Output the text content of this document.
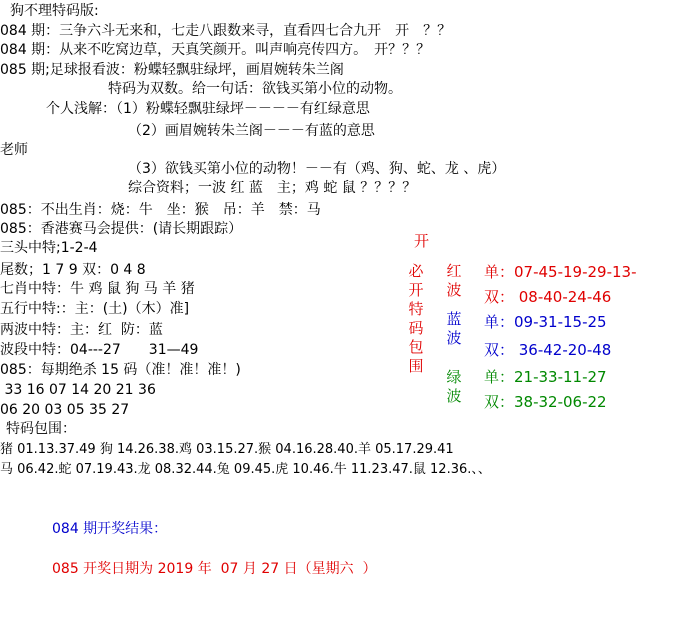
狗不理特码版:
084 期：三争六斗无来和，七走八跟数来寻，直看四七合九开　开　？？
084 期：从来不吃窝边草，天真笑颜开。叫声响亮传四方。　开？？？
085 期;足球报看波：粉蝶轻飘驻绿坪，画眉婉转朱兰阁
特码为双数。给一句话：欲钱买第小位的动物。
个人浅解：（1）粉蝶轻飘驻绿坪－－－－有红绿意思
（2）画眉婉转朱兰阁－－－有蓝的意思
老师
（3）欲钱买第小位的动物！－－有（鸡、狗、蛇、龙 、虎）
综合资料；一波 红 蓝　主；鸡 蛇 鼠 ？？？？
085：不出生肖：烧：牛　坐：猴　吊：羊　禁：马
085：香港赛马会提供：(请长期跟踪）
三头中特;1-2-4
尾数；1 7 9 双：0 4 8
七肖中特：牛 鸡 鼠 狗 马 羊 猪
五行中特:：主：(土)（木）准]
两波中特：主：红  防：蓝
波段中特：04---27　　31—49
085：每期绝杀 15 码（准！准！准！)
33 16 07 14 20 21 36
06 20 03 05 35 27
特码包围：
猪 01.13.37.49 狗 14.26.38.鸡 03.15.27.猴 04.16.28.40.羊 05.17.29.41
马 06.42.蛇 07.19.43.龙 08.32.44.兔 09.45.虎 10.46.牛 11.23.47.鼠 12.36.、、
084 期开奖结果：
085 开奖日期为 2019 年  07 月 27 日（星期六  ）
开
必开特码包围
红波
蓝波
绿波
单：07-45-19-29-13-
双： 08-40-24-46
单：09-31-15-25
双： 36-42-20-48
单：21-33-11-27
双：38-32-06-22
